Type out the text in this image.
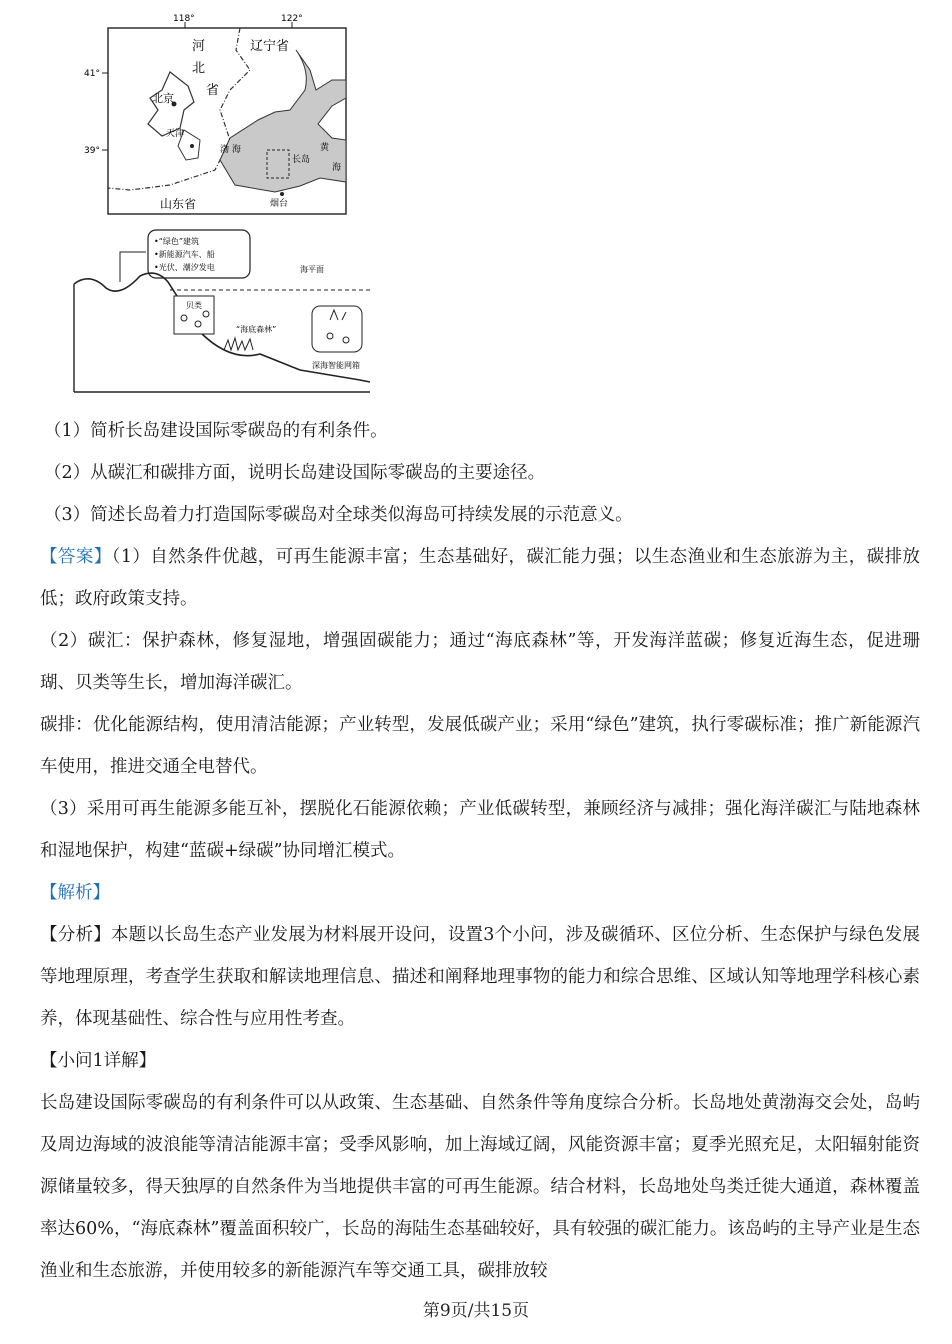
118°	122°
41°
39°
河
北
省
辽宁省
北京
天津
渤 海
长岛
黄
海
烟台
山东省
•“绿色”建筑
•新能源汽车、船
•光伏、潮汐发电	海平面
贝类
“海底森林”
深海智能网箱

（1）简析长岛建设国际零碳岛的有利条件。

（2）从碳汇和碳排方面，说明长岛建设国际零碳岛的主要途径。

（3）简述长岛着力打造国际零碳岛对全球类似海岛可持续发展的示范意义。

【答案】（1）自然条件优越，可再生能源丰富；生态基础好，碳汇能力强；以生态渔业和生态旅游为主，碳排放低；政府政策支持。

（2）碳汇：保护森林，修复湿地，增强固碳能力；通过“海底森林”等，开发海洋蓝碳；修复近海生态，促进珊瑚、贝类等生长，增加海洋碳汇。

碳排：优化能源结构，使用清洁能源；产业转型，发展低碳产业；采用“绿色”建筑，执行零碳标准；推广新能源汽车使用，推进交通全电替代。

（3）采用可再生能源多能互补，摆脱化石能源依赖；产业低碳转型，兼顾经济与减排；强化海洋碳汇与陆地森林和湿地保护，构建“蓝碳+绿碳”协同增汇模式。

【解析】

【分析】本题以长岛生态产业发展为材料展开设问，设置3个小问，涉及碳循环、区位分析、生态保护与绿色发展等地理原理，考查学生获取和解读地理信息、描述和阐释地理事物的能力和综合思维、区域认知等地理学科核心素养，体现基础性、综合性与应用性考查。

【小问1详解】

长岛建设国际零碳岛的有利条件可以从政策、生态基础、自然条件等角度综合分析。长岛地处黄渤海交会处，岛屿及周边海域的波浪能等清洁能源丰富；受季风影响，加上海域辽阔，风能资源丰富；夏季光照充足，太阳辐射能资源储量较多，得天独厚的自然条件为当地提供丰富的可再生能源。结合材料，长岛地处鸟类迁徙大通道，森林覆盖率达60%，“海底森林”覆盖面积较广，长岛的海陆生态基础较好，具有较强的碳汇能力。该岛屿的主导产业是生态渔业和生态旅游，并使用较多的新能源汽车等交通工具，碳排放较

第9页/共15页
